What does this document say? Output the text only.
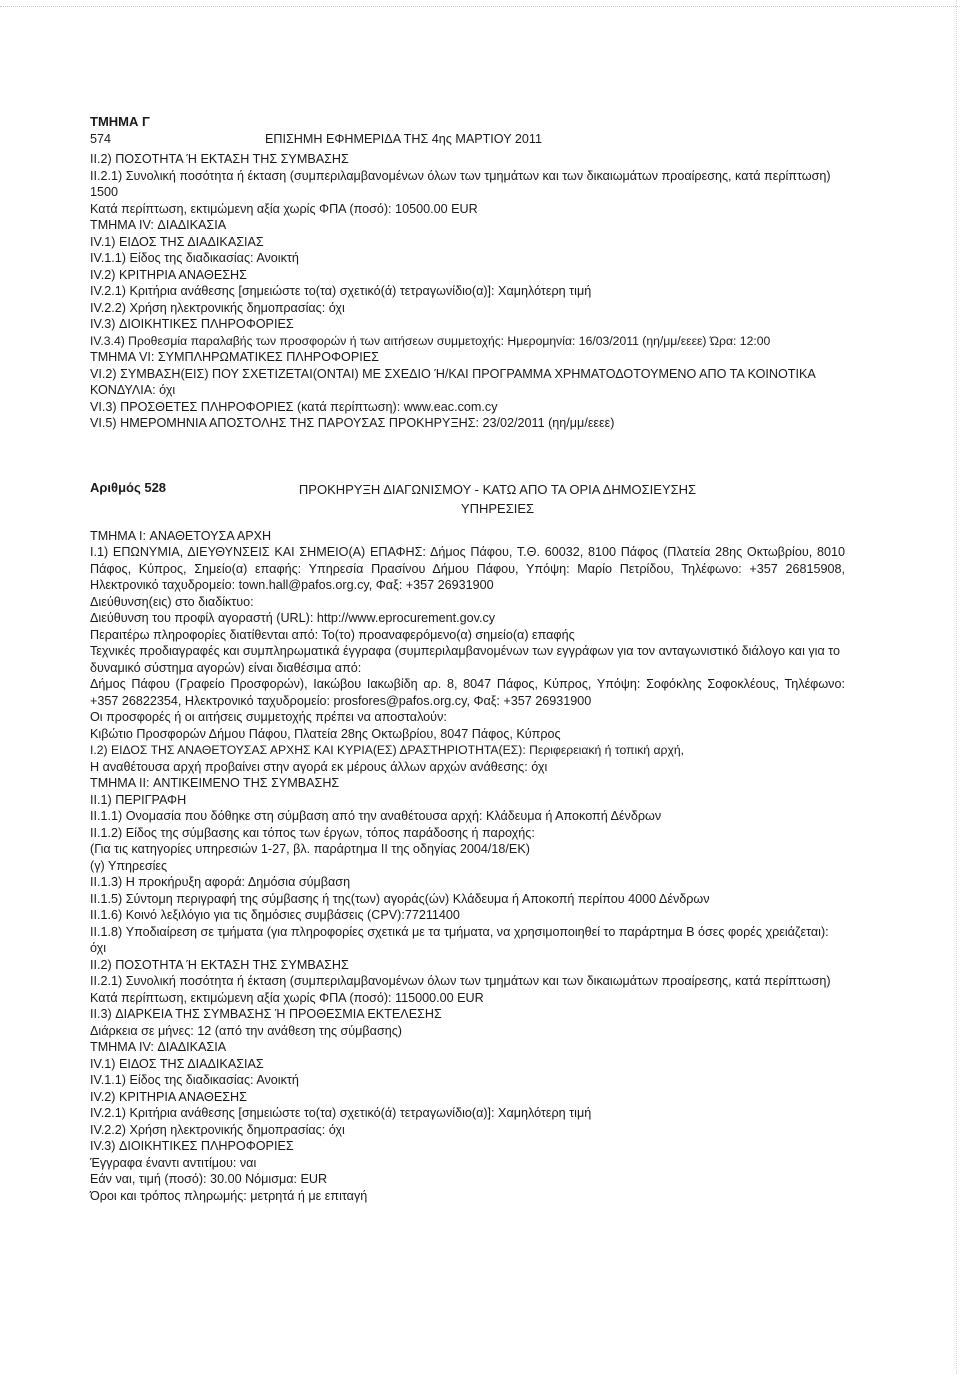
ΤΜΗΜΑ Γ
574	ΕΠΙΣΗΜΗ ΕΦΗΜΕΡΙΔΑ ΤΗΣ 4ης ΜΑΡΤΙΟΥ 2011
II.2) ΠΟΣΟΤΗΤΑ Ή ΕΚΤΑΣΗ ΤΗΣ ΣΥΜΒΑΣΗΣ
II.2.1) Συνολική ποσότητα ή έκταση (συμπεριλαμβανομένων όλων των τμημάτων και των δικαιωμάτων προαίρεσης, κατά περίπτωση) 1500
Κατά περίπτωση, εκτιμώμενη αξία χωρίς ΦΠΑ (ποσό): 10500.00 EUR
ΤΜΗΜΑ IV: ΔΙΑΔΙΚΑΣΙΑ
IV.1) ΕΙΔΟΣ ΤΗΣ ΔΙΑΔΙΚΑΣΙΑΣ
IV.1.1) Είδος της διαδικασίας: Ανοικτή
IV.2) ΚΡΙΤΗΡΙΑ ΑΝΑΘΕΣΗΣ
IV.2.1) Κριτήρια ανάθεσης [σημειώστε το(τα) σχετικό(ά) τετραγωνίδιο(α)]: Χαμηλότερη τιμή
IV.2.2) Χρήση ηλεκτρονικής δημοπρασίας: όχι
IV.3) ΔΙΟΙΚΗΤΙΚΕΣ ΠΛΗΡΟΦΟΡΙΕΣ
IV.3.4) Προθεσμία παραλαβής των προσφορών ή των αιτήσεων συμμετοχής: Ημερομηνία: 16/03/2011 (ηη/μμ/εεεε) Ώρα: 12:00
ΤΜΗΜΑ VI: ΣΥΜΠΛΗΡΩΜΑΤΙΚΕΣ ΠΛΗΡΟΦΟΡΙΕΣ
VI.2) ΣΥΜΒΑΣΗ(ΕΙΣ) ΠΟΥ ΣΧΕΤΙΖΕΤΑΙ(ΟΝΤΑΙ) ΜΕ ΣΧΕΔΙΟ Ή/ΚΑΙ ΠΡΟΓΡΑΜΜΑ ΧΡΗΜΑΤΟΔΟΤΟΥΜΕΝΟ ΑΠΟ ΤΑ ΚΟΙΝΟΤΙΚΑ ΚΟΝΔΥΛΙΑ: όχι
VI.3) ΠΡΟΣΘΕΤΕΣ ΠΛΗΡΟΦΟΡΙΕΣ (κατά περίπτωση): www.eac.com.cy
VI.5) ΗΜΕΡΟΜΗΝΙΑ ΑΠΟΣΤΟΛΗΣ ΤΗΣ ΠΑΡΟΥΣΑΣ ΠΡΟΚΗΡΥΞΗΣ: 23/02/2011 (ηη/μμ/εεεε)
Αριθμός 528	ΠΡΟΚΗΡΥΞΗ ΔΙΑΓΩΝΙΣΜΟΥ - ΚΑΤΩ ΑΠΟ ΤΑ ΟΡΙΑ ΔΗΜΟΣΙΕΥΣΗΣ
ΥΠΗΡΕΣΙΕΣ
ΤΜΗΜΑ I: ΑΝΑΘΕΤΟΥΣΑ ΑΡΧΗ
I.1) ΕΠΩΝΥΜΙΑ, ΔΙΕΥΘΥΝΣΕΙΣ ΚΑΙ ΣΗΜΕΙΟ(Α) ΕΠΑΦΗΣ: Δήμος Πάφου, Τ.Θ. 60032, 8100 Πάφος (Πλατεία 28ης Οκτωβρίου, 8010 Πάφος, Κύπρος, Σημείο(α) επαφής: Υπηρεσία Πρασίνου Δήμου Πάφου, Υπόψη: Μαρίο Πετρίδου, Τηλέφωνο: +357 26815908, Ηλεκτρονικό ταχυδρομείο: town.hall@pafos.org.cy, Φαξ: +357 26931900
Διεύθυνση(εις) στο διαδίκτυο:
Διεύθυνση του προφίλ αγοραστή (URL): http://www.eprocurement.gov.cy
Περαιτέρω πληροφορίες διατίθενται από: Το(το) προαναφερόμενο(α) σημείο(α) επαφής
Τεχνικές προδιαγραφές και συμπληρωματικά έγγραφα (συμπεριλαμβανομένων των εγγράφων για τον ανταγωνιστικό διάλογο και για το δυναμικό σύστημα αγορών) είναι διαθέσιμα από:
Δήμος Πάφου (Γραφείο Προσφορών), Ιακώβου Ιακωβίδη αρ. 8, 8047 Πάφος, Κύπρος, Υπόψη: Σοφόκλης Σοφοκλέους, Τηλέφωνο: +357 26822354, Ηλεκτρονικό ταχυδρομείο: prosfores@pafos.org.cy, Φαξ: +357 26931900
Οι προσφορές ή οι αιτήσεις συμμετοχής πρέπει να αποσταλούν:
Κιβώτιο Προσφορών Δήμου Πάφου, Πλατεία 28ης Οκτωβρίου, 8047 Πάφος, Κύπρος
I.2) ΕΙΔΟΣ ΤΗΣ ΑΝΑΘΕΤΟΥΣΑΣ ΑΡΧΗΣ ΚΑΙ ΚΥΡΙΑ(ΕΣ) ΔΡΑΣΤΗΡΙΟΤΗΤΑ(ΕΣ): Περιφερειακή ή τοπική αρχή,
Η αναθέτουσα αρχή προβαίνει στην αγορά εκ μέρους άλλων αρχών ανάθεσης: όχι
ΤΜΗΜΑ II: ΑΝΤΙΚΕΙΜΕΝΟ ΤΗΣ ΣΥΜΒΑΣΗΣ
II.1) ΠΕΡΙΓΡΑΦΗ
II.1.1) Ονομασία που δόθηκε στη σύμβαση από την αναθέτουσα αρχή: Κλάδευμα ή Αποκοπή Δένδρων
II.1.2) Είδος της σύμβασης και τόπος των έργων, τόπος παράδοσης ή παροχής:
(Για τις κατηγορίες υπηρεσιών 1-27, βλ. παράρτημα II της οδηγίας 2004/18/ΕΚ)
(γ) Υπηρεσίες
II.1.3) Η προκήρυξη αφορά: Δημόσια σύμβαση
II.1.5) Σύντομη περιγραφή της σύμβασης ή της(των) αγοράς(ών) Κλάδευμα ή Αποκοπή περίπου 4000 Δένδρων
II.1.6) Κοινό λεξιλόγιο για τις δημόσιες συμβάσεις (CPV):77211400
II.1.8) Υποδιαίρεση σε τμήματα (για πληροφορίες σχετικά με τα τμήματα, να χρησιμοποιηθεί το παράρτημα Β όσες φορές χρειάζεται): όχι
II.2) ΠΟΣΟΤΗΤΑ Ή ΕΚΤΑΣΗ ΤΗΣ ΣΥΜΒΑΣΗΣ
II.2.1) Συνολική ποσότητα ή έκταση (συμπεριλαμβανομένων όλων των τμημάτων και των δικαιωμάτων προαίρεσης, κατά περίπτωση)
Κατά περίπτωση, εκτιμώμενη αξία χωρίς ΦΠΑ (ποσό): 115000.00 EUR
II.3) ΔΙΑΡΚΕΙΑ ΤΗΣ ΣΥΜΒΑΣΗΣ Ή ΠΡΟΘΕΣΜΙΑ ΕΚΤΕΛΕΣΗΣ
Διάρκεια σε μήνες: 12 (από την ανάθεση της σύμβασης)
ΤΜΗΜΑ IV: ΔΙΑΔΙΚΑΣΙΑ
IV.1) ΕΙΔΟΣ ΤΗΣ ΔΙΑΔΙΚΑΣΙΑΣ
IV.1.1) Είδος της διαδικασίας: Ανοικτή
IV.2) ΚΡΙΤΗΡΙΑ ΑΝΑΘΕΣΗΣ
IV.2.1) Κριτήρια ανάθεσης [σημειώστε το(τα) σχετικό(ά) τετραγωνίδιο(α)]: Χαμηλότερη τιμή
IV.2.2) Χρήση ηλεκτρονικής δημοπρασίας: όχι
IV.3) ΔΙΟΙΚΗΤΙΚΕΣ ΠΛΗΡΟΦΟΡΙΕΣ
Έγγραφα έναντι αντιτίμου: ναι
Εάν ναι, τιμή (ποσό): 30.00 Νόμισμα: EUR
Όροι και τρόπος πληρωμής: μετρητά ή με επιταγή
